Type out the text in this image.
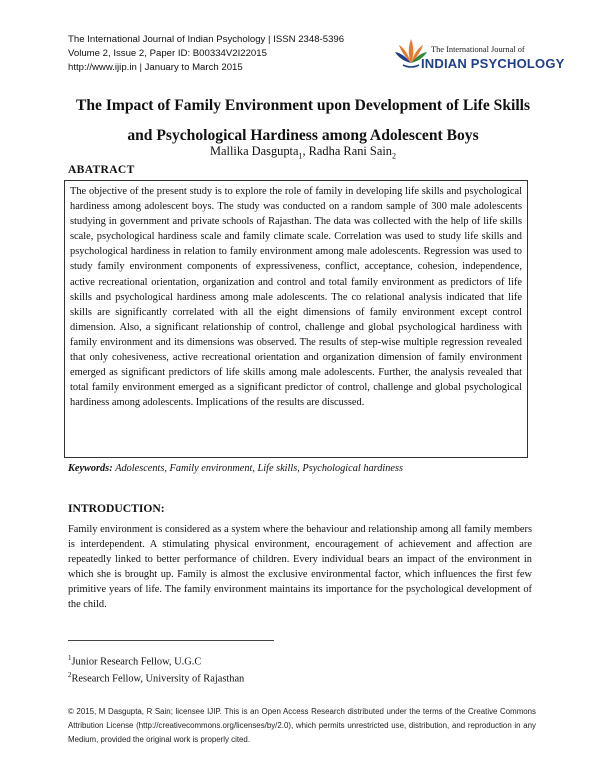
The International Journal of Indian Psychology | ISSN 2348-5396
Volume 2, Issue 2, Paper ID: B00334V2I22015
http://www.ijip.in | January to March 2015
The International Journal of
INDIAN PSYCHOLOGY
The Impact of Family Environment upon Development of Life Skills
and Psychological Hardiness among Adolescent Boys
Mallika Dasgupta$_1$, Radha Rani Sain$_2$
ABATRACT

The objective of the present study is to explore the role of family in developing life skills and psychological hardiness among adolescent boys. The study was conducted on a random sample of 300 male adolescents studying in government and private schools of Rajasthan. The data was collected with the help of life skills scale, psychological hardiness scale and family climate scale. Correlation was used to study life skills and psychological hardiness in relation to family environment among male adolescents. Regression was used to study family environment components of expressiveness, conflict, acceptance, cohesion, independence, active recreational orientation, organization and control and total family environment as predictors of life skills and psychological hardiness among male adolescents. The co relational analysis indicated that life skills are significantly correlated with all the eight dimensions of family environment except control dimension. Also, a significant relationship of control, challenge and global psychological hardiness with family environment and its dimensions was observed. The results of step-wise multiple regression revealed that only cohesiveness, active recreational orientation and organization dimension of family environment emerged as significant predictors of life skills among male adolescents. Further, the analysis revealed that total family environment emerged as a significant predictor of control, challenge and global psychological hardiness among adolescents. Implications of the results are discussed.

Keywords: Adolescents, Family environment, Life skills, Psychological hardiness
INTRODUCTION:

Family environment is considered as a system where the behaviour and relationship among all family members is interdependent. A stimulating physical environment, encouragement of achievement and affection are repeatedly linked to better performance of children. Every individual bears an impact of the environment in which she is brought up. Family is almost the exclusive environmental factor, which influences the first few primitive years of life. The family environment maintains its importance for the psychological development of the child.

$^1$Junior Research Fellow, U.G.C
$^2$Research Fellow, University of Rajasthan
© 2015, M Dasgupta, R Sain; licensee IJIP. This is an Open Access Research distributed under the terms of the Creative Commons Attribution License (http://creativecommons.org/licenses/by/2.0), which permits unrestricted use, distribution, and reproduction in any Medium, provided the original work is properly cited.
